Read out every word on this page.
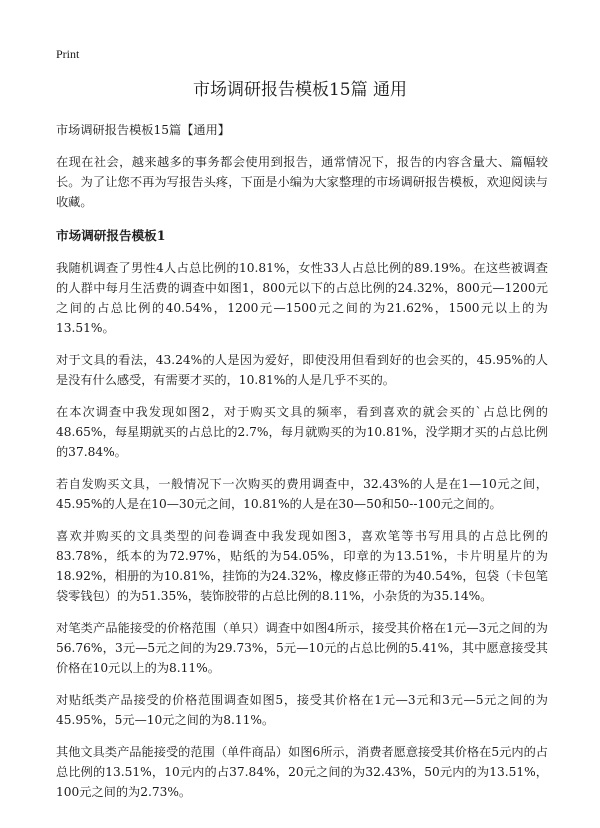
Print
市场调研报告模板15篇 通用

市场调研报告模板15篇【通用】

在现在社会，越来越多的事务都会使用到报告，通常情况下，报告的内容含量大、篇幅较长。为了让您不再为写报告头疼，下面是小编为大家整理的市场调研报告模板，欢迎阅读与收藏。

市场调研报告模板1

我随机调查了男性4人占总比例的10.81%，女性33人占总比例的89.19%。在这些被调查的人群中每月生活费的调查中如图1，800元以下的占总比例的24.32%，800元—1200元之间的占总比例的40.54%，1200元—1500元之间的为21.62%，1500元以上的为13.51%。

对于文具的看法，43.24%的人是因为爱好，即使没用但看到好的也会买的，45.95%的人是没有什么感受，有需要才买的，10.81%的人是几乎不买的。

在本次调查中我发现如图2，对于购买文具的频率，看到喜欢的就会买的`占总比例的48.65%，每星期就买的占总比的2.7%，每月就购买的为10.81%，没学期才买的占总比例的37.84%。

若自发购买文具，一般情况下一次购买的费用调查中，32.43%的人是在1—10元之间，45.95%的人是在10—30元之间，10.81%的人是在30—50和50--100元之间的。

喜欢并购买的文具类型的问卷调查中我发现如图3，喜欢笔等书写用具的占总比例的83.78%，纸本的为72.97%，贴纸的为54.05%，印章的为13.51%，卡片明星片的为18.92%，相册的为10.81%，挂饰的为24.32%，橡皮修正带的为40.54%，包袋（卡包笔袋零钱包）的为51.35%，装饰胶带的占总比例的8.11%，小杂货的为35.14%。

对笔类产品能接受的价格范围（单只）调查中如图4所示，接受其价格在1元—3元之间的为56.76%，3元—5元之间的为29.73%，5元—10元的占总比例的5.41%，其中愿意接受其价格在10元以上的为8.11%。

对贴纸类产品接受的价格范围调查如图5，接受其价格在1元—3元和3元—5元之间的为45.95%，5元—10元之间的为8.11%。

其他文具类产品能接受的范围（单件商品）如图6所示，消费者愿意接受其价格在5元内的占总比例的13.51%，10元内的占37.84%，20元之间的为32.43%，50元内的为13.51%，100元之间的为2.73%。
